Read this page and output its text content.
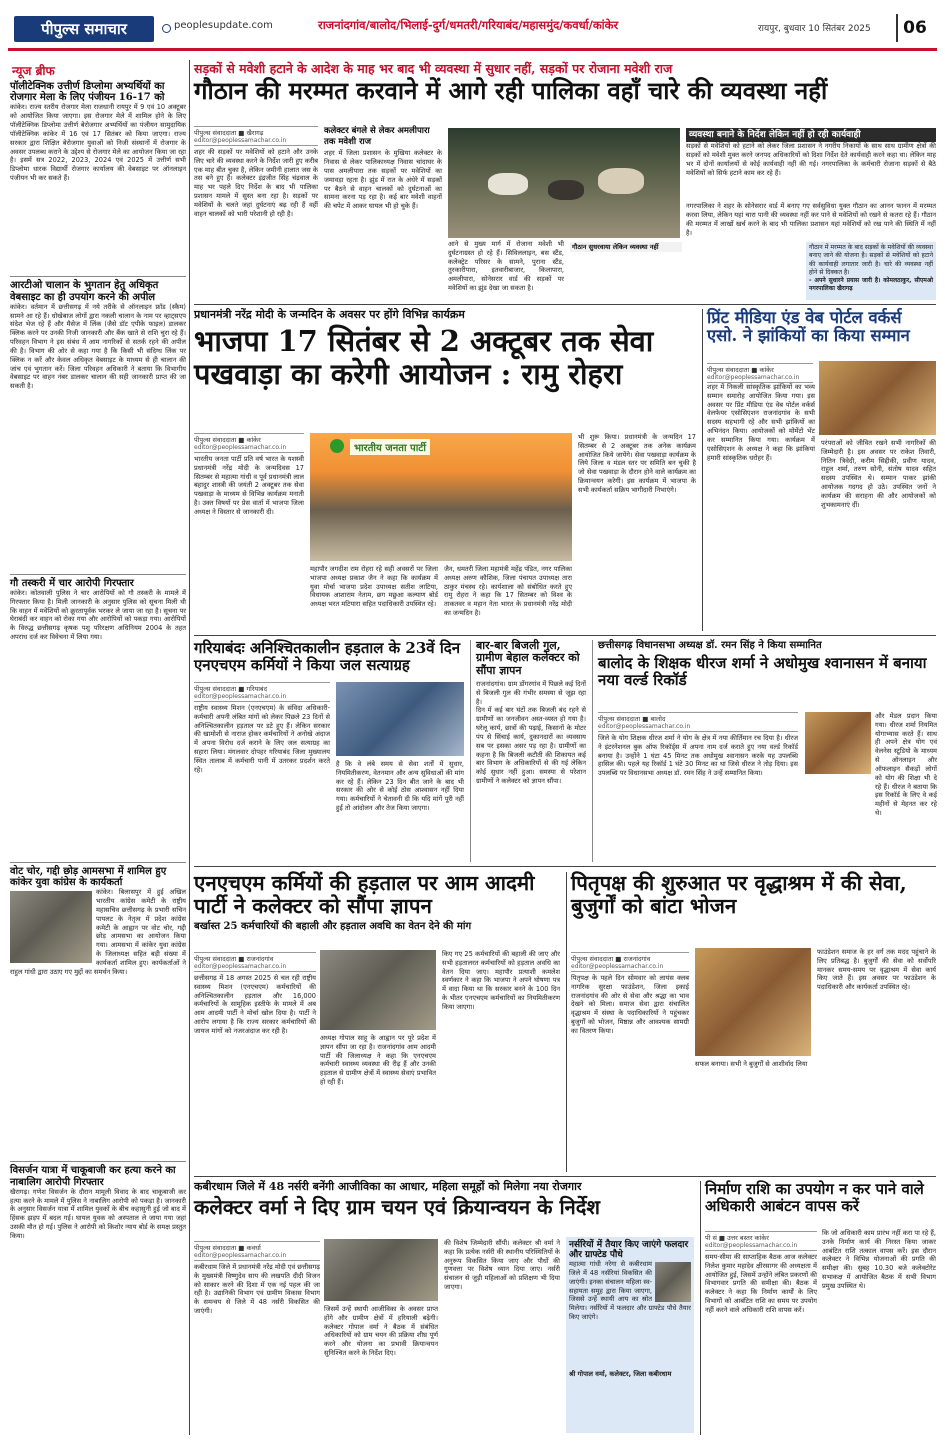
पीपुल्स समाचार	peoplesupdate.com	राजनांदगांव/बालोद/भिलाई-दुर्ग/धमतरी/गरियाबंद/महासमुंद/कवर्धा/कांकेर	रायपुर, बुधवार 10 सितंबर 2025	06
न्यूज ब्रीफ
पॉलीटेक्निक उत्तीर्ण डिप्लोमा अभ्यर्थियों का रोजगार मेला के लिए पंजीयन 16-17 को
कांकेर। राज्य स्तरीय रोजगार मेला राजधानी रायपुर में 9 एवं 10 अक्टूबर को आयोजित किया जाएगा। इस रोजगार मेले में शामिल होने के लिए पॉलीटेक्निक डिप्लोमा उत्तीर्ण बेरोजगार अभ्यर्थियों का पंजीयन सामुदायिक पॉलीटेक्निक कांकेर में 16 एवं 17 सितंबर को किया जाएगा। राज्य सरकार द्वारा शिक्षित बेरोजगार युवाओं को निजी संस्थानों में रोजगार के अवसर उपलब्ध कराने के उद्देश्य से रोजगार मेले का आयोजन किया जा रहा है। इसमें सत्र 2022, 2023, 2024 एवं 2025 में उत्तीर्ण सभी डिप्लोमा धारक विद्यार्थी रोजगार कार्यालय की वेबसाइट पर ऑनलाइन पंजीयन भी कर सकते हैं।
आरटीओ चालान के भुगतान हेतु अधिकृत वेबसाइट का ही उपयोग करने की अपील
कांकेर। वर्तमान में छत्तीसगढ़ में नये तरीके से ऑनलाइन फ्रॉड (स्कैम) सामने आ रहे हैं। धोखेबाज लोगों द्वारा नकली चालान के नाम पर व्हाट्सएप संदेश भेज रहे हैं और मैसेज में लिंक (जैसे डॉट एपीके फाइल) डालकर क्लिक करने पर उनकी निजी जानकारी और बैंक खाते से राशि चुरा रहे हैं। परिवहन विभाग ने इस संबंध में आम नागरिकों से सतर्क रहने की अपील की है। विभाग की ओर से कहा गया है कि किसी भी संदिग्ध लिंक पर क्लिक न करें और केवल अधिकृत वेबसाइट के माध्यम से ही चालान की जांच एवं भुगतान करें। जिला परिवहन अधिकारी ने बताया कि विभागीय वेबसाइट पर वाहन नंबर डालकर चालान की सही जानकारी प्राप्त की जा सकती है।
गौ तस्करी में चार आरोपी गिरफ्तार
कांकेर। कोतवाली पुलिस ने चार आरोपियों को गौ तस्करी के मामले में गिरफ्तार किया है। मिली जानकारी के अनुसार पुलिस को सूचना मिली थी कि वाहन में मवेशियों को क्रूरतापूर्वक भरकर ले जाया जा रहा है। सूचना पर घेराबंदी कर वाहन को रोका गया और आरोपियों को पकड़ा गया। आरोपियों के विरुद्ध छत्तीसगढ़ कृषक पशु परिरक्षण अधिनियम 2004 के तहत अपराध दर्ज कर विवेचना में लिया गया।
वोट चोर, गद्दी छोड़ आमसभा में शामिल हुए कांकेर युवा कांग्रेस के कार्यकर्ता
कांकेर। बिलासपुर में हुई अखिल भारतीय कांग्रेस कमेटी के राष्ट्रीय महासचिव छत्तीसगढ़ के प्रभारी सचिन पायलट के नेतृत्व में प्रदेश कांग्रेस कमेटी के आह्वान पर वोट चोर, गद्दी छोड़ आमसभा का आयोजन किया गया। आमसभा में कांकेर युवा कांग्रेस के जिलाध्यक्ष सहित बड़ी संख्या में कार्यकर्ता शामिल हुए। कार्यकर्ताओं ने राहुल गांधी द्वारा उठाए गए मुद्दों का समर्थन किया।
विसर्जन यात्रा में चाकूबाजी कर हत्या करने का नाबालिग आरोपी गिरफ्तार
खैरागढ़। गणेश विसर्जन के दौरान मामूली विवाद के बाद चाकूबाजी कर हत्या करने के मामले में पुलिस ने नाबालिग आरोपी को पकड़ा है। जानकारी के अनुसार विसर्जन यात्रा में शामिल युवकों के बीच कहासुनी हुई जो बाद में हिंसक झड़प में बदल गई। घायल युवक को अस्पताल ले जाया गया जहां उसकी मौत हो गई। पुलिस ने आरोपी को किशोर न्याय बोर्ड के समक्ष प्रस्तुत किया।
सड़कों से मवेशी हटाने के आदेश के माह भर बाद भी व्यवस्था में सुधार नहीं, सड़कों पर रोजाना मवेशी राज
गौठान की मरम्मत करवाने में आगे रही पालिका वहाँ चारे की व्यवस्था नहीं
पीपुल्स संवाददाता ■ खैरागढ़
editor@peoplessamachar.co.in
शहर की सड़कों पर मवेशियों को हटाने और उनके लिए चारे की व्यवस्था करने के निर्देश जारी हुए करीब एक माह बीत चुका है, लेकिन जमीनी हालात जस के तस बने हुए हैं। कलेक्टर इंद्रजीत सिंह चंद्रवाल के माह भर पहले दिए निर्देश के बाद भी पालिका प्रशासन मामले में सुस्त बना रहा है। सड़कों पर मवेशियों के चलते जहां दुर्घटनाएं बढ़ रही हैं वहीं वाहन चालकों को भारी परेशानी हो रही है।
कलेक्टर बंगले से लेकर अमलीपारा तक मवेशी राज
शहर में जिला प्रशासन के मुखिया कलेक्टर के निवास से लेकर पालिकाध्यक्ष निवास चांदाघर के पास अमलीपारा तक सड़कों पर मवेशियों का जमावड़ा रहता है। झुंड में रात के अंधेरे में सड़कों पर बैठने से वाहन चालकों को दुर्घटनाओं का सामना करना पड़ रहा है। कई बार मवेशी वाहनों की चपेट में आकर घायल भी हो चुके हैं।
आने से मुख्य मार्ग में रोजाना मवेशी भी दुर्घटनाग्रस्त हो रहे हैं। सिविललाइन, बस स्टैंड, कलेक्ट्रेट परिसर के सामने, पुराना स्टैंड, तुरकारीपारा, इतवारीबाजार, किलापारा, अमलीपारा, सोनेसरार वार्ड की सड़कों पर मवेशियों का झुंड देखा जा सकता है।
गौठान सुधरवाया लेकिन व्यवस्था नहीं
व्यवस्था बनाने के निर्देश लेकिन नहीं हो रही कार्यवाही
सड़कों से मवेशियों को हटाने को लेकर जिला प्रशासन ने नगरीय निकायों के साथ साथ ग्रामीण क्षेत्रों की सड़कों को मवेशी मुक्त करने जनपद अधिकारियों को दिशा निर्देश देते कार्यवाही करने कहा था। लेकिन माह भर में दोनों कार्यालयों से कोई कार्यवाही नहीं की गई। नगरपालिका के कर्मचारी रोजाना सड़कों से बैठे मवेशियों को सिर्फ हटाने काम कर रहे हैं।
नगरपालिका ने शहर के सोनेसरार वार्ड में बनाए गए सर्वसुविधा युक्त गौठान का आनन फानन में मरम्मत करवा लिया, लेकिन यहां चारा पानी की व्यवस्था नहीं कर पाने से मवेशियों को रखने से कतरा रहे हैं। गौठान की मरम्मत में लाखों खर्च करने के बाद भी पालिका प्रशासन यहां मवेशियों को रख पाने की स्थिति में नहीं है।
गौठान में मरम्मत के बाद सड़कों के मवेशियों की व्यवस्था बनाए जाने की योजना है। सड़कों से मवेशियों को हटाने की कार्यवाही लगातार जारी है। चारे की व्यवस्था नहीं होने से दिक्कत है।
- अपने सुधारने प्रयास जारी है। कोमलठाकुर, सीएमओ नगरपालिका खैरागढ़
प्रधानमंत्री नरेंद्र मोदी के जन्मदिन के अवसर पर होंगे विभिन्न कार्यक्रम
भाजपा 17 सितंबर से 2 अक्टूबर तक सेवा पखवाड़ा का करेगी आयोजन : रामु रोहरा
पीपुल्स संवाददाता ■ कांकेर
editor@peoplessamachar.co.in
भारतीय जनता पार्टी प्रति वर्ष भारत के यशस्वी प्रधानमंत्री नरेंद्र मोदी के जन्मदिवस 17 सितम्बर से महात्मा गांधी व पूर्व प्रधानमंत्री लाल बहादुर शास्त्री की जयंती 2 अक्टूबर तक सेवा पखवाड़ा के माध्यम से विभिन्न कार्यक्रम मनाती है। उक्त विषयों पर प्रेस वार्ता में भाजपा जिला अध्यक्ष ने विस्तार से जानकारी दी।
भारतीय जनता पार्टी
महापौर जगदीश राम रोहरा रहे सही अवसरों पर जिला भाजपा अध्यक्ष प्रकाश जैन ने कहा कि कार्यक्रम में युवा मोर्चा भाजपा प्रदेश उपाध्यक्ष सतीश लाटिया, विधायक आशाराम नेताम, छग मछुआ कल्याण बोर्ड अध्यक्ष भरत मटियारा सहित पदाधिकारी उपस्थित रहे।
जैन, धमतरी जिला महामंत्री महेंद्र पंडित, नगर पालिका अध्यक्ष अरुण कौशिक, जिला पंचायत उपाध्यक्ष तारा ठाकुर मंचस्थ रहे। कार्यशाला को संबोधित करते हुए रामु रोहरा ने कहा कि 17 सितम्बर को विश्व के ताकतवर व महान नेता भारत के प्रधानमंत्री नरेंद्र मोदी का जन्मदिन है।
भी शुरू किया। प्रधानमंत्री के जन्मदिन 17 सितम्बर से 2 अक्टूबर तक अनेक कार्यक्रम आयोजित किये जायेंगे। सेवा पखवाड़ा कार्यक्रम के लिये जिला व मंडल स्तर पर समिति बन चुकी है जो सेवा पखवाड़ा के दौरान होने वाले कार्यक्रम का क्रियान्वयन करेगी। इस कार्यक्रम में भाजपा के सभी कार्यकर्ता सक्रिय भागीदारी निभाएंगे।
प्रिंट मीडिया एंड वेब पोर्टल वर्कर्स एसो. ने झांकियों का किया सम्मान
पीपुल्स संवाददाता ■ कांकेर
editor@peoplessamachar.co.in
शहर में निकली सांस्कृतिक झांकियों का भव्य सम्मान समारोह आयोजित किया गया। इस अवसर पर प्रिंट मीडिया एंड वेब पोर्टल वर्कर्स वेलफेयर एसोसिएशन राजनांदगांव के सभी सदस्य सहभागी रहे और सभी झांकियों का अभिनंदन किया। आयोजकों को मोमेंटो भेंट कर सम्मानित किया गया। कार्यक्रम में एसोसिएशन के अध्यक्ष ने कहा कि झांकियां हमारी सांस्कृतिक धरोहर हैं।
परंपराओं को जीवित रखने सभी नागरिकों की जिम्मेदारी है। इस अवसर पर राकेश तिवारी, नितिन त्रिवेदी, करीम सिद्दीकी, प्रवीण यादव, राहुल शर्मा, तरुण सोनी, संतोष यादव सहित सदस्य उपस्थित थे। सम्मान पाकर झांकी आयोजक गदगद हो उठे। उपस्थित जनों ने कार्यक्रम की सराहना की और आयोजकों को शुभकामनाएं दीं।
गरियाबंदः अनिश्चितकालीन हड़ताल के 23वें दिन एनएचएम कर्मियों ने किया जल सत्याग्रह
पीपुल्स संवाददाता ■ गरियाबंद
editor@peoplessamachar.co.in
राष्ट्रीय स्वास्थ्य मिशन (एनएचएम) के संविदा अधिकारी-कर्मचारी अपनी लंबित मांगों को लेकर पिछले 23 दिनों से अनिश्चितकालीन हड़ताल पर डटे हुए हैं। लेकिन सरकार की खामोशी से नाराज होकर कर्मचारियों ने अनोखे अंदाज में अपना विरोध दर्ज कराने के लिए जल सत्याग्रह का सहारा लिया। मंगलवार दोपहर गरियाबंद जिला मुख्यालय स्थित तालाब में कर्मचारी पानी में उतरकर प्रदर्शन करते रहे।
है कि वे लंबे समय से सेवा शर्तों में सुधार, नियमितीकरण, वेतनमान और अन्य सुविधाओं की मांग कर रहे हैं। लेकिन 23 दिन बीत जाने के बाद भी सरकार की ओर से कोई ठोस आश्वासन नहीं दिया गया। कर्मचारियों ने चेतावनी दी कि यदि मांगें पूरी नहीं हुईं तो आंदोलन और तेज किया जाएगा।
बार-बार बिजली गुल, ग्रामीण बेहाल कलेक्टर को सौंपा ज्ञापन
राजनांदगांव। ग्राम डोंगरगांव में पिछले कई दिनों से बिजली गुल की गंभीर समस्या से जूझ रहा है।
दिन में कई बार घंटों तक बिजली बंद रहने से ग्रामीणों का जनजीवन अस्त-व्यस्त हो गया है। घरेलू कार्य, छात्रों की पढ़ाई, किसानों के मोटर पंप से सिंचाई कार्य, दुकानदारों का व्यवसाय सब पर इसका असर पड़ रहा है। ग्रामीणों का कहना है कि बिजली कटौती की शिकायत कई बार विभाग के अधिकारियों से की गई लेकिन कोई सुधार नहीं हुआ। समस्या से परेशान ग्रामीणों ने कलेक्टर को ज्ञापन सौंपा।
छत्तीसगढ़ विधानसभा अध्यक्ष डॉ. रमन सिंह ने किया सम्मानित
बालोद के शिक्षक धीरज शर्मा ने अधोमुख श्वानासन में बनाया नया वर्ल्ड रिकॉर्ड
पीपुल्स संवाददाता ■ बालोद
editor@peoplessamachar.co.in
जिले के योग शिक्षक धीरज शर्मा ने योग के क्षेत्र में नया कीर्तिमान रच दिया है। धीरज ने इंटरनेशनल बुक ऑफ रिकॉर्ड्स में अपना नाम दर्ज कराते हुए नया वर्ल्ड रिकॉर्ड बनाया है। उन्होंने 1 घंटा 45 मिनट तक अधोमुख श्वानासन करके यह उपलब्धि हासिल की। पहले यह रिकॉर्ड 1 घंटे 30 मिनट का था जिसे धीरज ने तोड़ दिया। इस उपलब्धि पर विधानसभा अध्यक्ष डॉ. रमन सिंह ने उन्हें सम्मानित किया।
और मेडल प्रदान किया गया। धीरज शर्मा नियमित योगाभ्यास करते हैं। साथ ही अपने क्षेत्र योग एवं वेलनेस स्टूडियो के माध्यम से ऑनलाइन और ऑफलाइन सैकड़ों लोगों को योग की शिक्षा भी दे रहे हैं। धीरज ने बताया कि इस रिकॉर्ड के लिए वे कई महीनों से मेहनत कर रहे थे।
एनएचएम कर्मियों की हड़ताल पर आम आदमी पार्टी ने कलेक्टर को सौंपा ज्ञापन
बर्खास्त 25 कर्मचारियों की बहाली और हड़ताल अवधि का वेतन देने की मांग
पीपुल्स संवाददाता ■ राजनांदगांव
editor@peoplessamachar.co.in
छत्तीसगढ़ में 18 अगस्त 2025 से चल रही राष्ट्रीय स्वास्थ्य मिशन (एनएचएम) कर्मचारियों की अनिश्चितकालीन हड़ताल और 16,000 कर्मचारियों के सामूहिक इस्तीफे के मामले में अब आम आदमी पार्टी ने मोर्चा खोल दिया है। पार्टी ने आरोप लगाया है कि राज्य सरकार कर्मचारियों की जायज मांगों को नजरअंदाज कर रही है।
अध्यक्ष गोपाल साहू के आह्वान पर पूरे प्रदेश में ज्ञापन सौंपा जा रहा है। राजनांदगांव आम आदमी पार्टी की जिलाध्यक्ष ने कहा कि एनएचएम कर्मचारी स्वास्थ्य व्यवस्था की रीढ़ हैं और उनकी हड़ताल से ग्रामीण क्षेत्रों में स्वास्थ्य सेवाएं प्रभावित हो रही हैं।
किए गए 25 कर्मचारियों की बहाली की जाए और सभी हड़तालरत कर्मचारियों को हड़ताल अवधि का वेतन दिया जाए। महापौर प्रत्याशी कमलेश स्वर्णकार ने कहा कि भाजपा ने अपने घोषणा पत्र में वादा किया था कि सरकार बनने के 100 दिन के भीतर एनएचएम कर्मचारियों का नियमितीकरण किया जाएगा।
पितृपक्ष की शुरुआत पर वृद्धाश्रम में की सेवा, बुजुर्गों को बांटा भोजन
पीपुल्स संवाददाता ■ राजनांदगांव
editor@peoplessamachar.co.in
पितृपक्ष के पहले दिन सोमवार को लायंस क्लब नागरिक सुरक्षा फाउंडेशन, जिला इकाई राजनांदगांव की ओर से सेवा और श्रद्धा का भाव देखने को मिला। समाज सेवा द्वारा संचालित वृद्धाश्रम में संस्था के पदाधिकारियों ने पहुंचकर बुजुर्गों को भोजन, मिष्ठान्न और आवश्यक सामग्री का वितरण किया।
सफल बनाया। सभी ने बुजुर्गों से आशीर्वाद लिया
फाउंडेशन समाज के हर वर्ग तक मदद पहुंचाने के लिए प्रतिबद्ध है। बुजुर्गों की सेवा को सर्वोपरि मानकर समय-समय पर वृद्धाश्रम में सेवा कार्य किए जाते हैं। इस अवसर पर फाउंडेशन के पदाधिकारी और कार्यकर्ता उपस्थित रहे।
कबीरधाम जिले में 48 नर्सरी बनेंगी आजीविका का आधार, महिला समूहों को मिलेगा नया रोजगार
कलेक्टर वर्मा ने दिए ग्राम चयन एवं क्रियान्वयन के निर्देश
पीपुल्स संवाददाता ■ कवर्धा
editor@peoplessamachar.co.in
कबीरधाम जिले में प्रधानमंत्री नरेंद्र मोदी एवं छत्तीसगढ़ के मुख्यमंत्री विष्णुदेव साय की लखपति दीदी विजन को साकार करने की दिशा में एक नई पहल की जा रही है। उद्यानिकी विभाग एवं ग्रामीण विकास विभाग के समन्वय से जिले में 48 नर्सरी विकसित की जाएंगी।	जिसमें उन्हें स्थायी आजीविका के अवसर प्राप्त होंगे और ग्रामीण क्षेत्रों में हरियाली बढ़ेगी। कलेक्टर गोपाल वर्मा ने बैठक में संबंधित अधिकारियों को ग्राम चयन की प्रक्रिया शीघ्र पूर्ण करने और योजना का प्रभावी क्रियान्वयन सुनिश्चित करने के निर्देश दिए।
की विशेष जिम्मेदारी सौंपी। कलेक्टर श्री वर्मा ने कहा कि प्रत्येक नर्सरी की स्थानीय परिस्थितियों के अनुरूप विकसित किया जाए और पौधों की गुणवत्ता पर विशेष ध्यान दिया जाए। नर्सरी संचालन से जुड़ी महिलाओं को प्रशिक्षण भी दिया जाएगा।
नर्सरियों में तैयार किए जाएंगे फलदार और ग्राफ्टेड पौधे
महात्मा गांधी नरेगा से कबीरधाम जिले में 48 नर्सरियां विकसित की जाएंगी। इनका संचालन महिला स्व-सहायता समूह द्वारा किया जाएगा, जिससे उन्हें स्थायी आय का स्रोत मिलेगा। नर्सरियों में फलदार और ग्राफ्टेड पौधे तैयार किए जाएंगे।
श्री गोपाल वर्मा, कलेक्टर, जिला कबीरधाम
निर्माण राशि का उपयोग न कर पाने वाले अधिकारी आबंटन वापस करें
पी सं ■ उत्तर बस्तर कांकेर
editor@peoplessamachar.co.in
समय-सीमा की साप्ताहिक बैठक आज कलेक्टर निलेश कुमार महादेव क्षीरसागर की अध्यक्षता में आयोजित हुई, जिसमें उन्होंने लंबित प्रकरणों की विभागवार प्रगति की समीक्षा की। बैठक में कलेक्टर ने कहा कि निर्माण कार्यों के लिए विभागों को आबंटित राशि का समय पर उपयोग नहीं करने वाले अधिकारी राशि वापस करें।
कि जो अधिकारी काम प्रारंभ नहीं करा पा रहे हैं, उनके निर्माण कार्य की निरस्त किया जाकर आबंटित राशि तत्काल वापस करें। इस दौरान कलेक्टर ने विभिन्न योजनाओं की प्रगति की समीक्षा की। सुबह 10.30 बजे कलेक्टोरेट सभाकक्ष में आयोजित बैठक में सभी विभाग प्रमुख उपस्थित थे।
